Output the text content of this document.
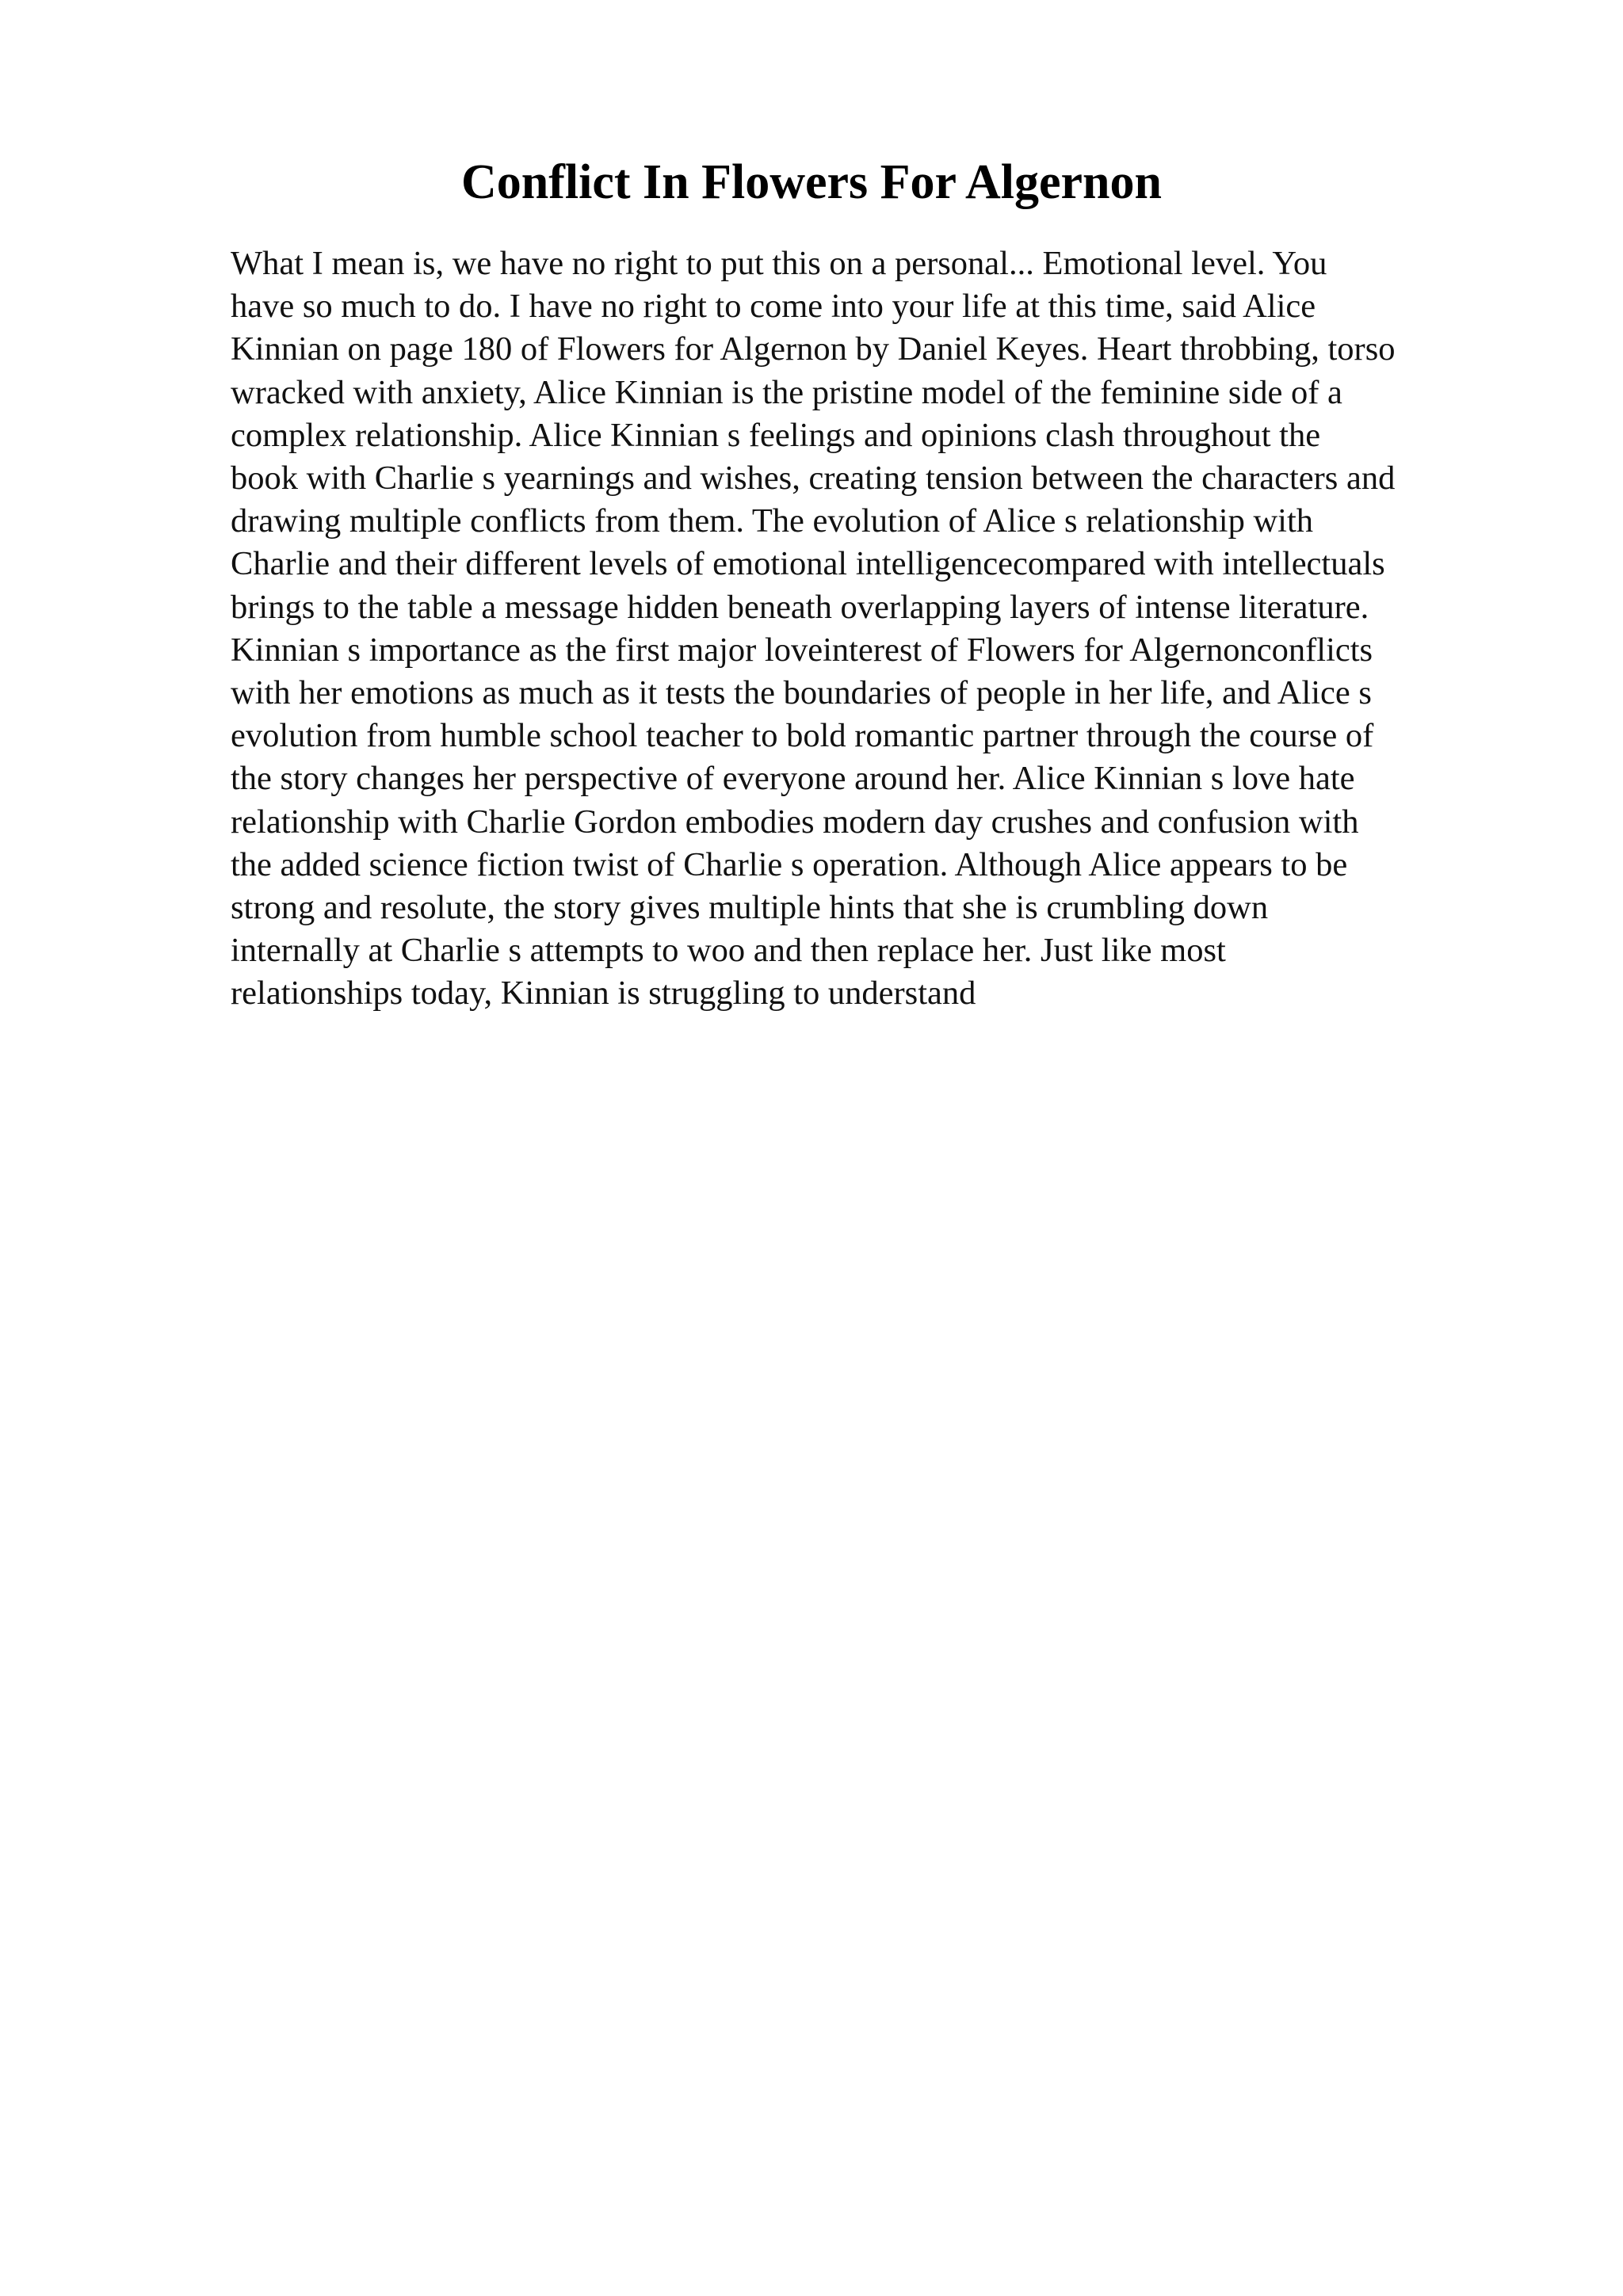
Conflict In Flowers For Algernon
What I mean is, we have no right to put this on a personal... Emotional level. You
have so much to do. I have no right to come into your life at this time, said Alice
Kinnian on page 180 of Flowers for Algernon by Daniel Keyes. Heart throbbing, torso
wracked with anxiety, Alice Kinnian is the pristine model of the feminine side of a
complex relationship. Alice Kinnian s feelings and opinions clash throughout the
book with Charlie s yearnings and wishes, creating tension between the characters and
drawing multiple conflicts from them. The evolution of Alice s relationship with
Charlie and their different levels of emotional intelligencecompared with intellectuals
brings to the table a message hidden beneath overlapping layers of intense literature.
Kinnian s importance as the first major loveinterest of Flowers for Algernonconflicts
with her emotions as much as it tests the boundaries of people in her life, and Alice s
evolution from humble school teacher to bold romantic partner through the course of
the story changes her perspective of everyone around her. Alice Kinnian s love hate
relationship with Charlie Gordon embodies modern day crushes and confusion with
the added science fiction twist of Charlie s operation. Although Alice appears to be
strong and resolute, the story gives multiple hints that she is crumbling down
internally at Charlie s attempts to woo and then replace her. Just like most
relationships today, Kinnian is struggling to understand
